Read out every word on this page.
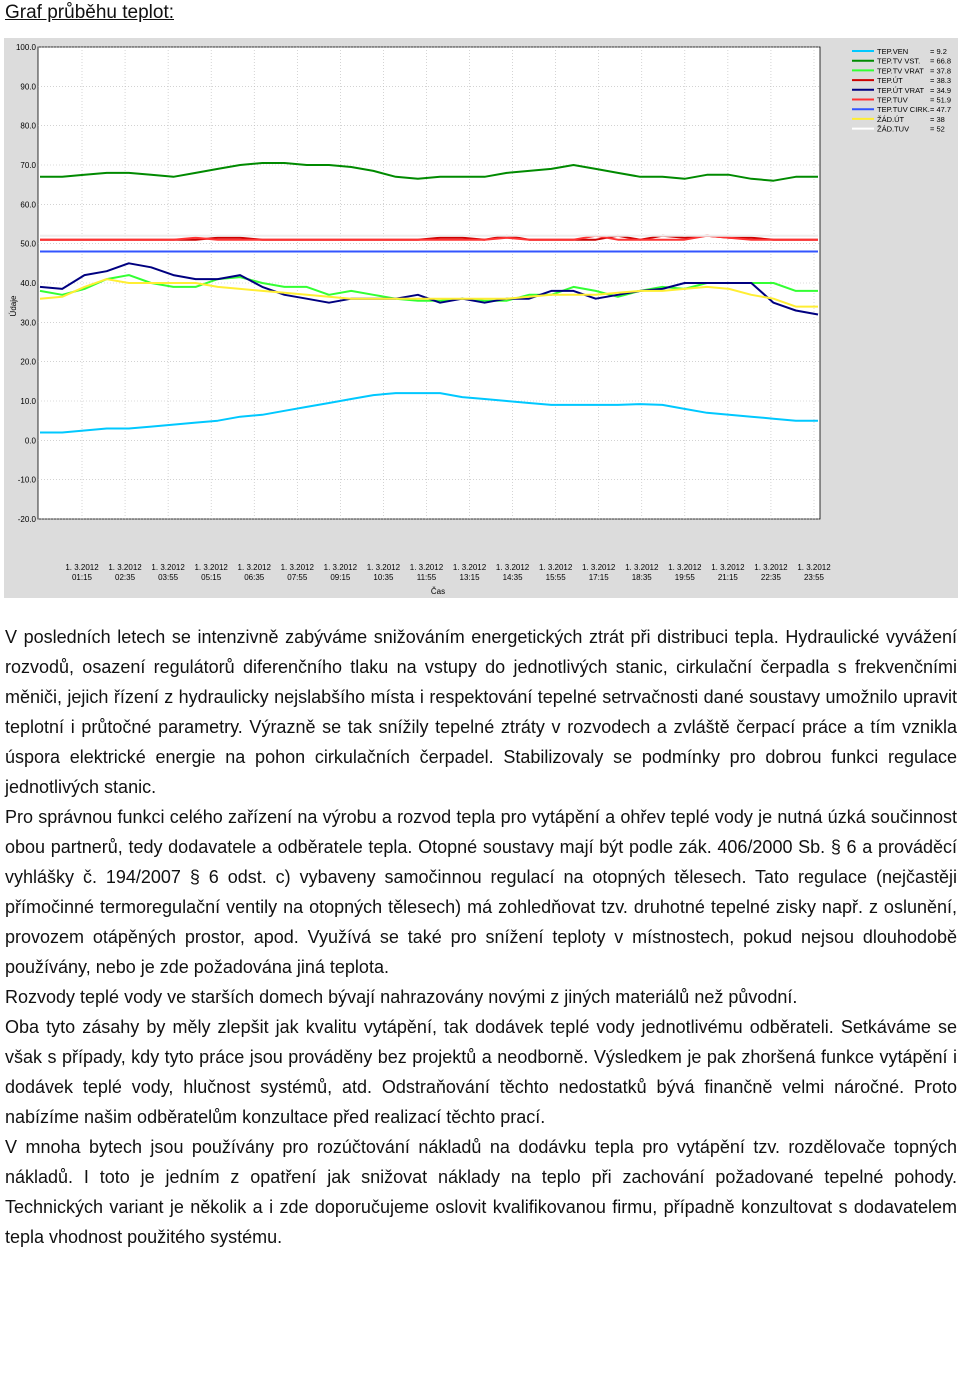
Graf průběhu teplot:
100.0
90.0
80.0
70.0
60.0
50.0
40.0
30.0
20.0
10.0
0.0
-10.0
-20.0
1. 3.2012
01:15
1. 3.2012
02:35
1. 3.2012
03:55
1. 3.2012
05:15
1. 3.2012
06:35
1. 3.2012
07:55
1. 3.2012
09:15
1. 3.2012
10:35
1. 3.2012
11:55
1. 3.2012
13:15
1. 3.2012
14:35
1. 3.2012
15:55
1. 3.2012
17:15
1. 3.2012
18:35
1. 3.2012
19:55
1. 3.2012
21:15
1. 3.2012
22:35
1. 3.2012
23:55
TEP.VEN	= 9.2
TEP.TV VST. = 66.8
TEP.TV VRAT = 37.8
TEP.ÚT	= 38.3
TEP.ÚT VRAT = 34.9
TEP.TUV	= 51.9
TEP.TUV CIRK. = 47.7
ŽÁD.ÚT	= 38
ŽÁD.TUV	= 52
Údaje
Čas

V posledních letech se intenzivně zabýváme snižováním energetických ztrát při distribuci tepla. Hydraulické vyvážení rozvodů, osazení regulátorů diferenčního tlaku na vstupy do jednotlivých stanic, cirkulační čerpadla s frekvenčními měniči, jejich řízení z hydraulicky nejslabšího místa i respektování tepelné setrvačnosti dané soustavy umožnilo upravit teplotní i průtočné parametry. Výrazně se tak snížily tepelné ztráty v rozvodech a zvláště čerpací práce a tím vznikla úspora elektrické energie na pohon cirkulačních čerpadel. Stabilizovaly se podmínky pro dobrou funkci regulace jednotlivých stanic.

Pro správnou funkci celého zařízení na výrobu a rozvod tepla pro vytápění a ohřev teplé vody je nutná úzká součinnost obou partnerů, tedy dodavatele a odběratele tepla. Otopné soustavy mají být podle zák. 406/2000 Sb. § 6 a prováděcí vyhlášky č. 194/2007 § 6 odst. c) vybaveny samočinnou regulací na otopných tělesech. Tato regulace (nejčastěji přímočinné termoregulační ventily na otopných tělesech) má zohledňovat tzv. druhotné tepelné zisky např. z oslunění, provozem otápěných prostor, apod. Využívá se také pro snížení teploty v místnostech, pokud nejsou dlouhodobě používány, nebo je zde požadována jiná teplota.

Rozvody teplé vody ve starších domech bývají nahrazovány novými z jiných materiálů než původní.

Oba tyto zásahy by měly zlepšit jak kvalitu vytápění, tak dodávek teplé vody jednotlivému odběrateli. Setkáváme se však s případy, kdy tyto práce jsou prováděny bez projektů a neodborně. Výsledkem je pak zhoršená funkce vytápění i dodávek teplé vody, hlučnost systémů, atd. Odstraňování těchto nedostatků bývá finančně velmi náročné. Proto nabízíme našim odběratelům konzultace před realizací těchto prací.

V mnoha bytech jsou používány pro rozúčtování nákladů na dodávku tepla pro vytápění tzv. rozdělovače topných nákladů. I toto je jedním z opatření jak snižovat náklady na teplo při zachování požadované tepelné pohody. Technických variant je několik a i zde doporučujeme oslovit kvalifikovanou firmu, případně konzultovat s dodavatelem tepla vhodnost použitého systému.
